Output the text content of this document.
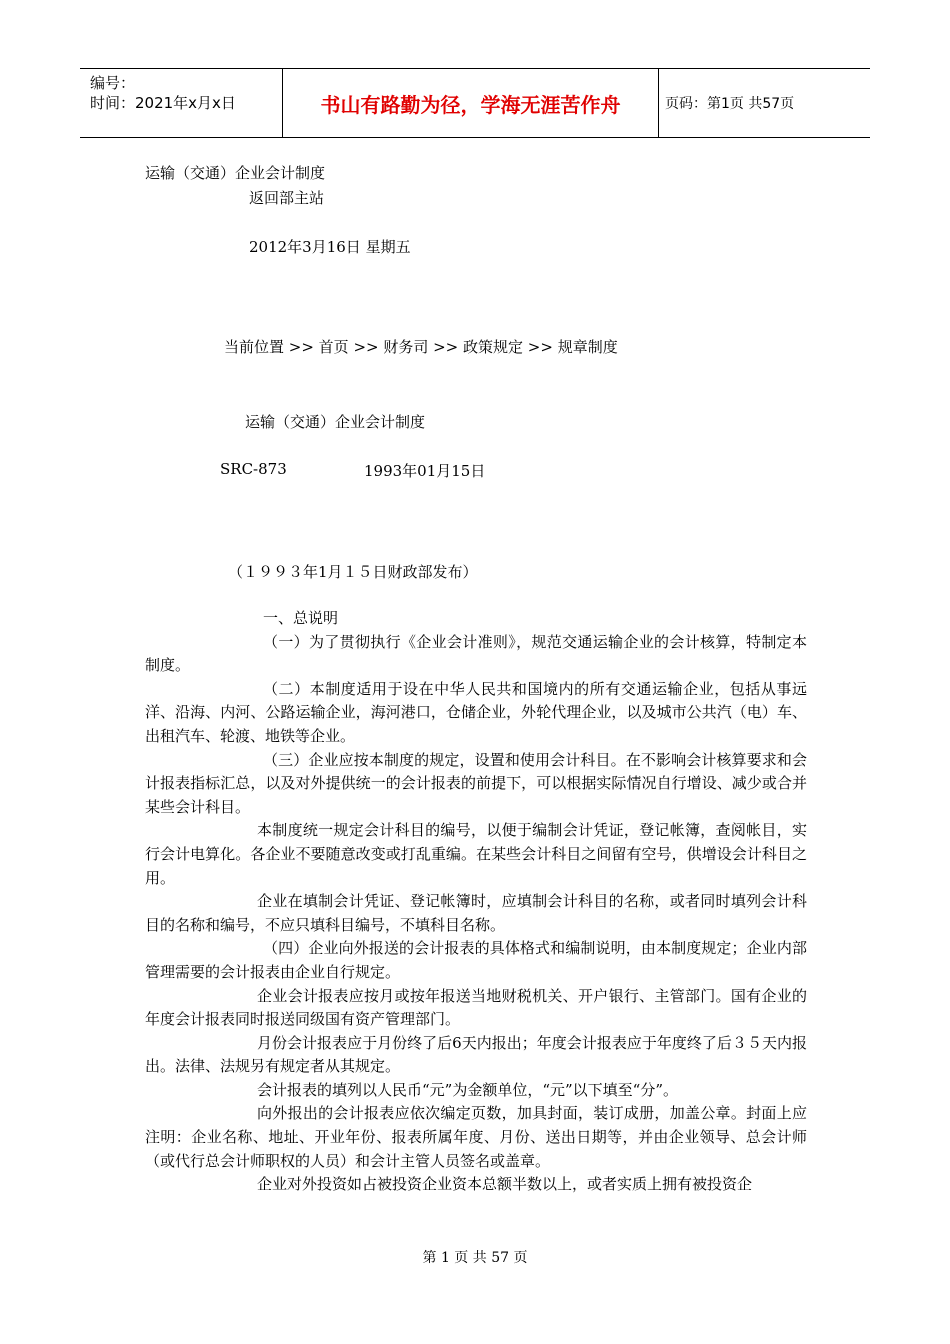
编号：
时间：2021年x月x日	书山有路勤为径，学海无涯苦作舟	页码：第1页 共57页
运输（交通）企业会计制度
返回部主站
2012年3月16日 星期五
当前位置 >> 首页 >> 财务司 >> 政策规定 >> 规章制度
运输（交通）企业会计制度
SRC-873	1993年01月15日
（１９９３年1月１５日财政部发布）

一、总说明

（一）为了贯彻执行《企业会计准则》，规范交通运输企业的会计核算，特制定本制度。

（二）本制度适用于设在中华人民共和国境内的所有交通运输企业，包括从事远洋、沿海、内河、公路运输企业，海河港口，仓储企业，外轮代理企业，以及城市公共汽（电）车、出租汽车、轮渡、地铁等企业。

（三）企业应按本制度的规定，设置和使用会计科目。在不影响会计核算要求和会计报表指标汇总，以及对外提供统一的会计报表的前提下，可以根据实际情况自行增设、减少或合并某些会计科目。

本制度统一规定会计科目的编号，以便于编制会计凭证，登记帐簿，查阅帐目，实行会计电算化。各企业不要随意改变或打乱重编。在某些会计科目之间留有空号，供增设会计科目之用。

企业在填制会计凭证、登记帐簿时，应填制会计科目的名称，或者同时填列会计科目的名称和编号，不应只填科目编号，不填科目名称。

（四）企业向外报送的会计报表的具体格式和编制说明，由本制度规定；企业内部管理需要的会计报表由企业自行规定。

企业会计报表应按月或按年报送当地财税机关、开户银行、主管部门。国有企业的年度会计报表同时报送同级国有资产管理部门。

月份会计报表应于月份终了后6天内报出；年度会计报表应于年度终了后３５天内报出。法律、法规另有规定者从其规定。

会计报表的填列以人民币“元”为金额单位，“元”以下填至“分”。

向外报出的会计报表应依次编定页数，加具封面，装订成册，加盖公章。封面上应注明：企业名称、地址、开业年份、报表所属年度、月份、送出日期等，并由企业领导、总会计师（或代行总会计师职权的人员）和会计主管人员签名或盖章。

企业对外投资如占被投资企业资本总额半数以上，或者实质上拥有被投资企

第 1 页 共 57 页
